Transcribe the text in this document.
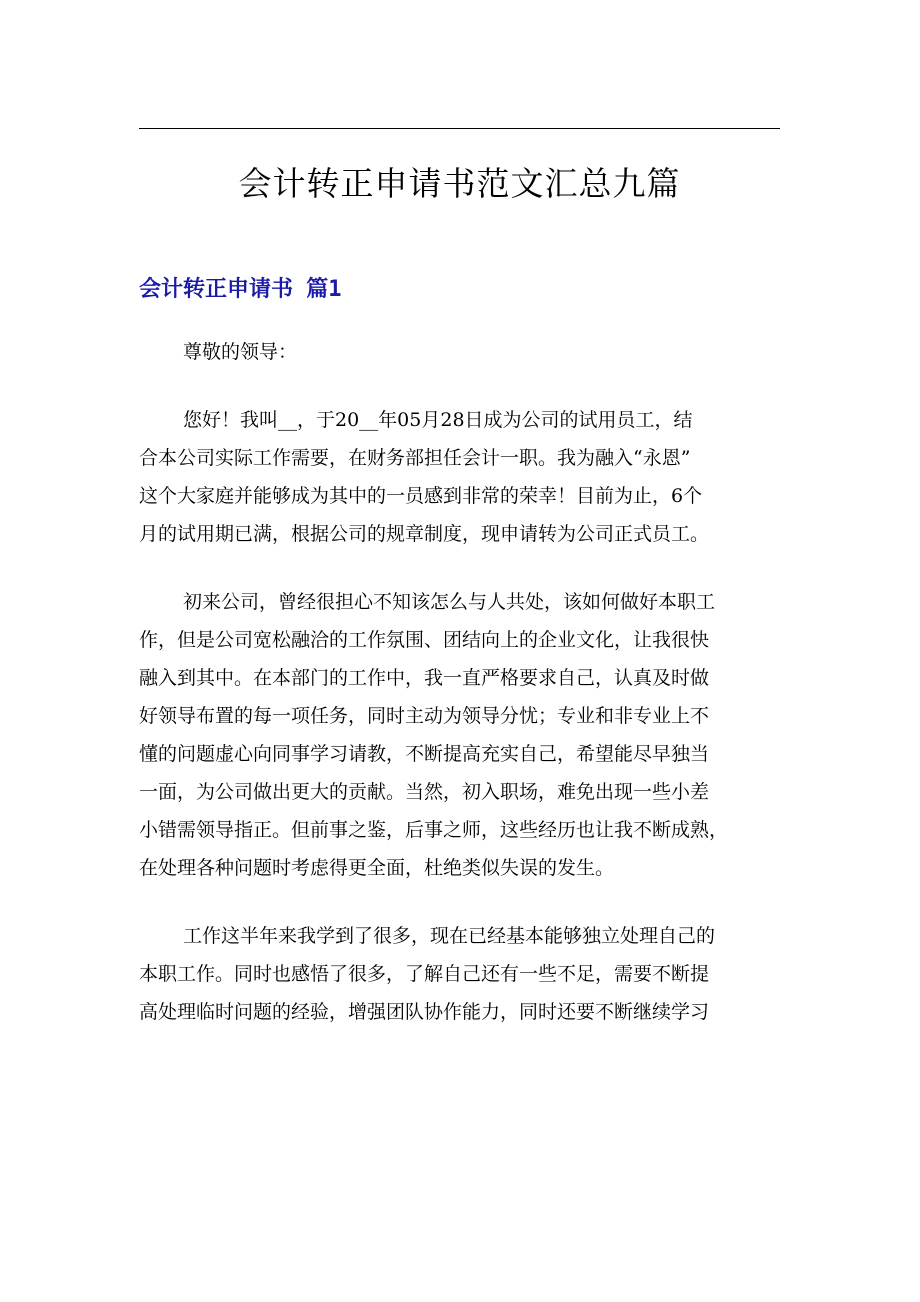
会计转正申请书范文汇总九篇
会计转正申请书 篇1
尊敬的领导：
您好！我叫__，于20__年05月28日成为公司的试用员工，结
合本公司实际工作需要，在财务部担任会计一职。我为融入“永恩”
这个大家庭并能够成为其中的一员感到非常的荣幸！目前为止，6个
月的试用期已满，根据公司的规章制度，现申请转为公司正式员工。
初来公司，曾经很担心不知该怎么与人共处，该如何做好本职工
作，但是公司宽松融洽的工作氛围、团结向上的企业文化，让我很快
融入到其中。在本部门的工作中，我一直严格要求自己，认真及时做
好领导布置的每一项任务，同时主动为领导分忧；专业和非专业上不
懂的问题虚心向同事学习请教，不断提高充实自己，希望能尽早独当
一面，为公司做出更大的贡献。当然，初入职场，难免出现一些小差
小错需领导指正。但前事之鉴，后事之师，这些经历也让我不断成熟，
在处理各种问题时考虑得更全面，杜绝类似失误的发生。
工作这半年来我学到了很多，现在已经基本能够独立处理自己的
本职工作。同时也感悟了很多，了解自己还有一些不足，需要不断提
高处理临时问题的经验，增强团队协作能力，同时还要不断继续学习
